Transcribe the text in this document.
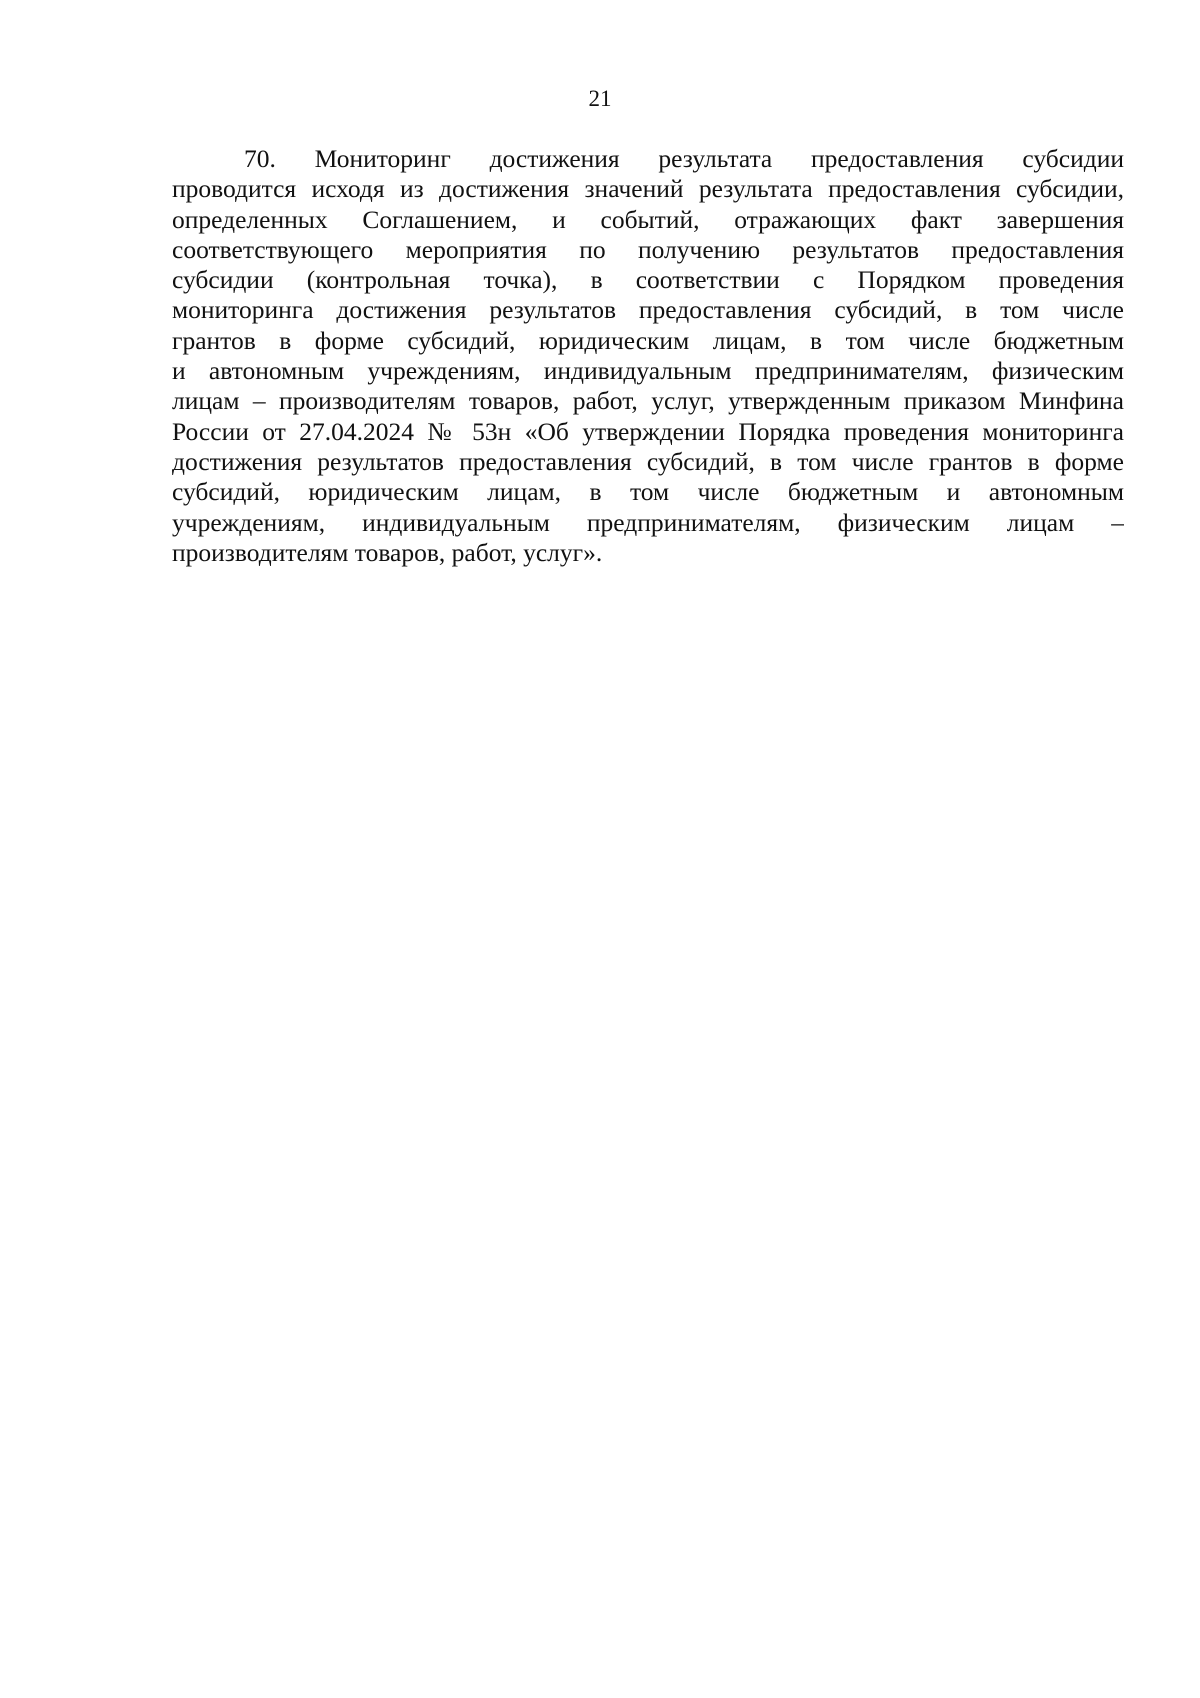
21
70. Мониторинг достижения результата предоставления субсидии
проводится исходя из достижения значений результата предоставления субсидии,
определенных Соглашением, и событий, отражающих факт завершения
соответствующего мероприятия по получению результатов предоставления
субсидии (контрольная точка), в соответствии с Порядком проведения
мониторинга достижения результатов предоставления субсидий, в том числе
грантов в форме субсидий, юридическим лицам, в том числе бюджетным
и автономным учреждениям, индивидуальным предпринимателям, физическим
лицам – производителям товаров, работ, услуг, утвержденным приказом Минфина
России от 27.04.2024 № 53н «Об утверждении Порядка проведения мониторинга
достижения результатов предоставления субсидий, в том числе грантов в форме
субсидий, юридическим лицам, в том числе бюджетным и автономным
учреждениям, индивидуальным предпринимателям, физическим лицам –
производителям товаров, работ, услуг».
